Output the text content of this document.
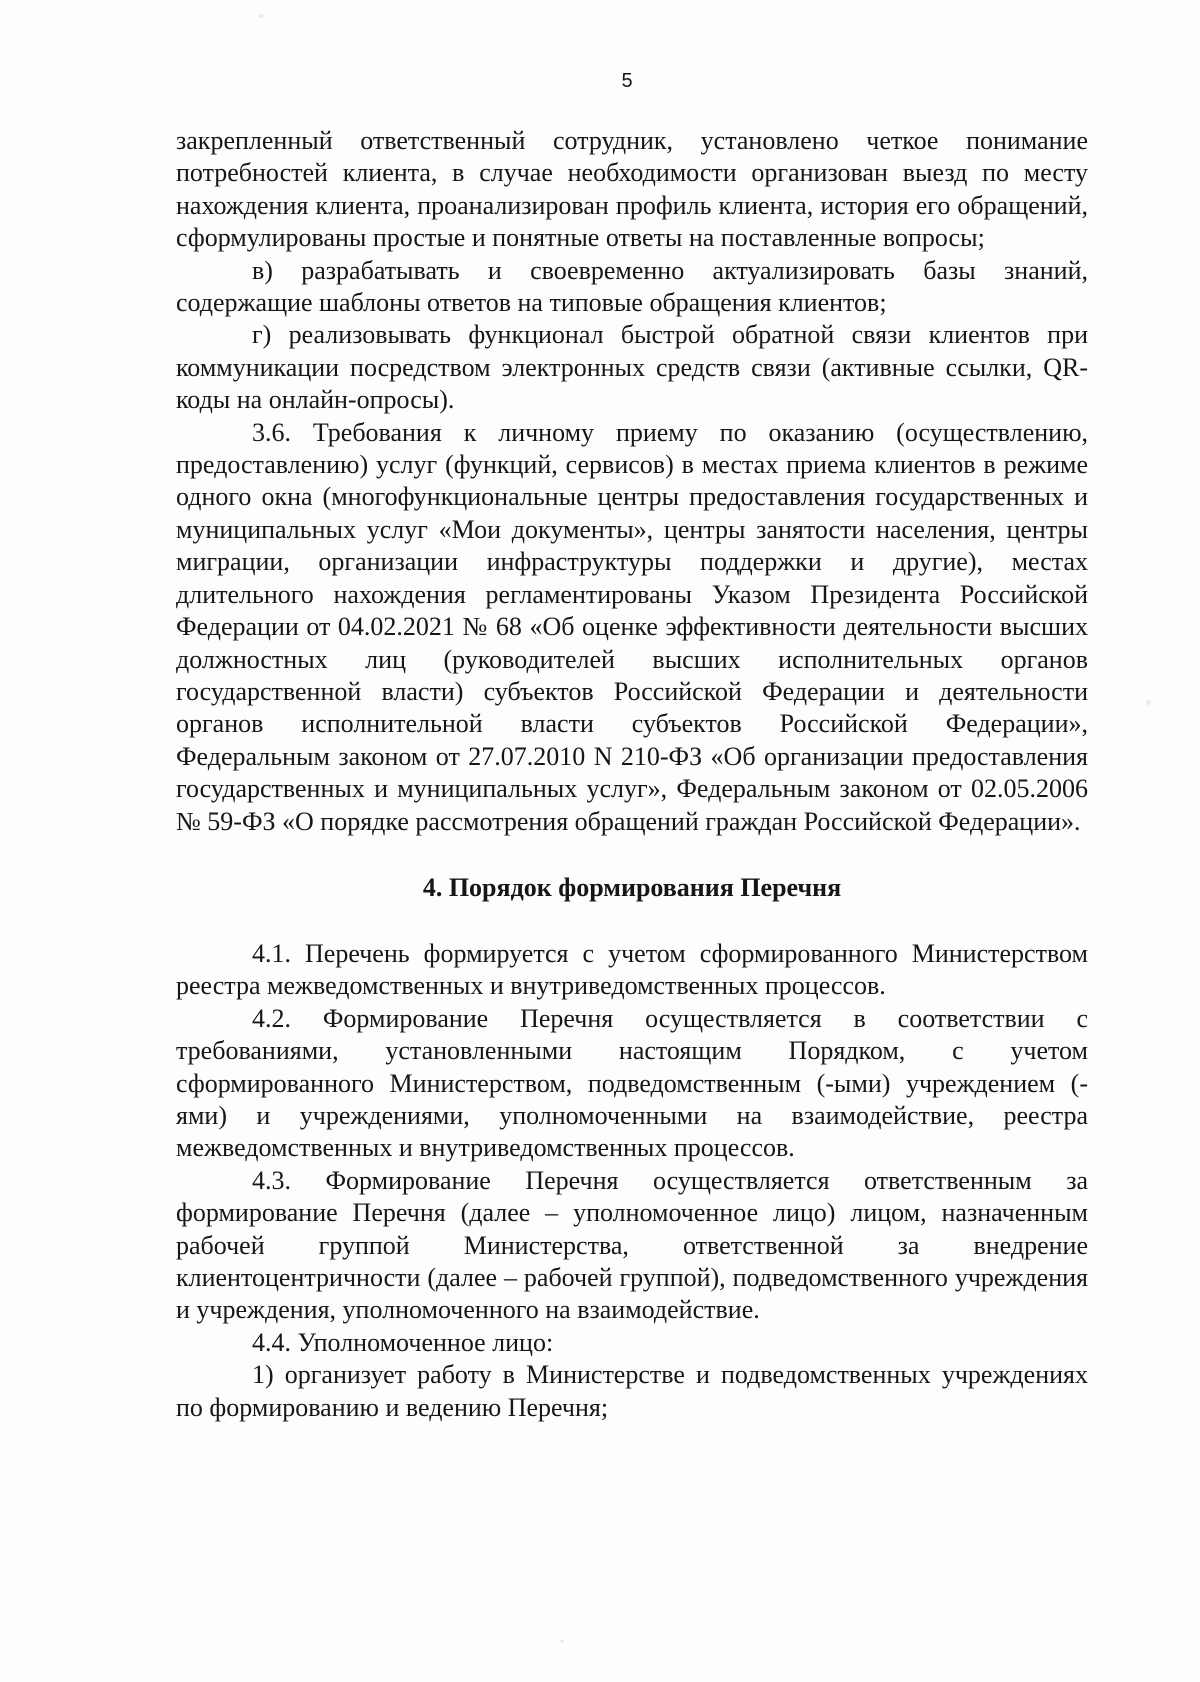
5

закрепленный ответственный сотрудник, установлено четкое понимание потребностей клиента, в случае необходимости организован выезд по месту нахождения клиента, проанализирован профиль клиента, история его обращений, сформулированы простые и понятные ответы на поставленные вопросы;

в) разрабатывать и своевременно актуализировать базы знаний, содержащие шаблоны ответов на типовые обращения клиентов;

г) реализовывать функционал быстрой обратной связи клиентов при коммуникации посредством электронных средств связи (активные ссылки, QR-коды на онлайн-опросы).

3.6. Требования к личному приему по оказанию (осуществлению, предоставлению) услуг (функций, сервисов) в местах приема клиентов в режиме одного окна (многофункциональные центры предоставления государственных и муниципальных услуг «Мои документы», центры занятости населения, центры миграции, организации инфраструктуры поддержки и другие), местах длительного нахождения регламентированы Указом Президента Российской Федерации от 04.02.2021 № 68 «Об оценке эффективности деятельности высших должностных лиц (руководителей высших исполнительных органов государственной власти) субъектов Российской Федерации и деятельности органов исполнительной власти субъектов Российской Федерации», Федеральным законом от 27.07.2010 N 210-ФЗ «Об организации предоставления государственных и муниципальных услуг», Федеральным законом от 02.05.2006 № 59-ФЗ «О порядке рассмотрения обращений граждан Российской Федерации».

4. Порядок формирования Перечня

4.1. Перечень формируется с учетом сформированного Министерством реестра межведомственных и внутриведомственных процессов.

4.2. Формирование Перечня осуществляется в соответствии с требованиями, установленными настоящим Порядком, с учетом сформированного Министерством, подведомственным (-ыми) учреждением (-ями) и учреждениями, уполномоченными на взаимодействие, реестра межведомственных и внутриведомственных процессов.

4.3. Формирование Перечня осуществляется ответственным за формирование Перечня (далее – уполномоченное лицо) лицом, назначенным рабочей группой Министерства, ответственной за внедрение клиентоцентричности (далее – рабочей группой), подведомственного учреждения и учреждения, уполномоченного на взаимодействие.

4.4. Уполномоченное лицо:

1) организует работу в Министерстве и подведомственных учреждениях по формированию и ведению Перечня;
